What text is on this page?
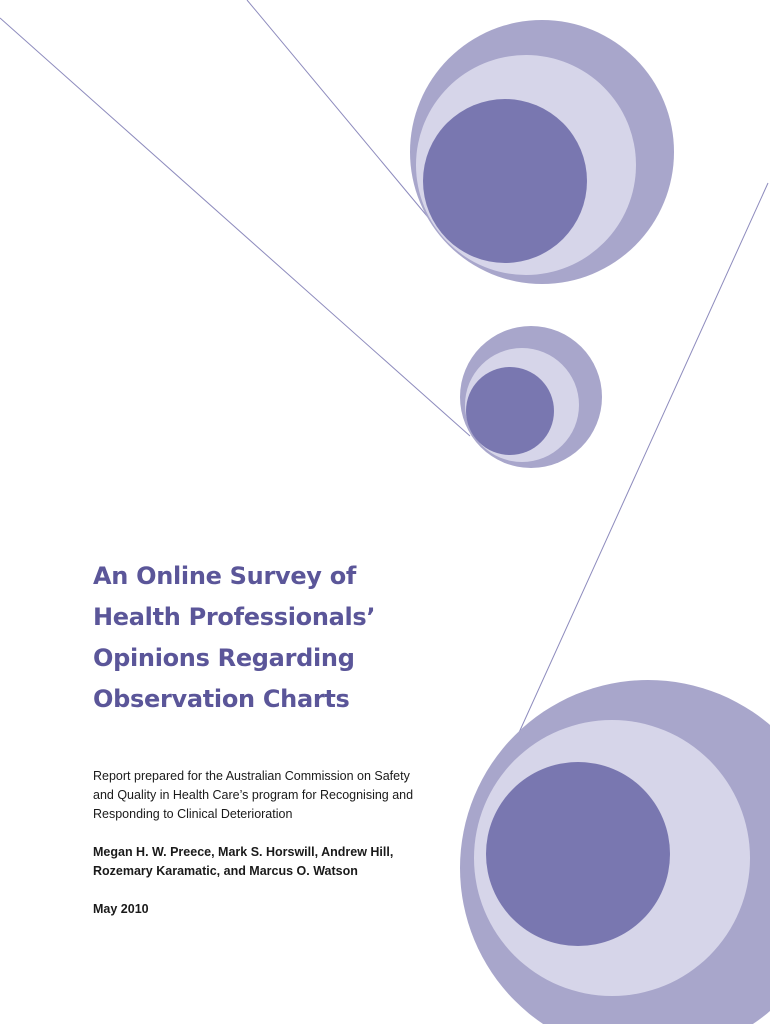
An Online Survey of
Health Professionals’
Opinions Regarding
Observation Charts

Report prepared for the Australian Commission on Safety
and Quality in Health Care’s program for Recognising and
Responding to Clinical Deterioration

Megan H. W. Preece, Mark S. Horswill, Andrew Hill,
Rozemary Karamatic, and Marcus O. Watson

May 2010
